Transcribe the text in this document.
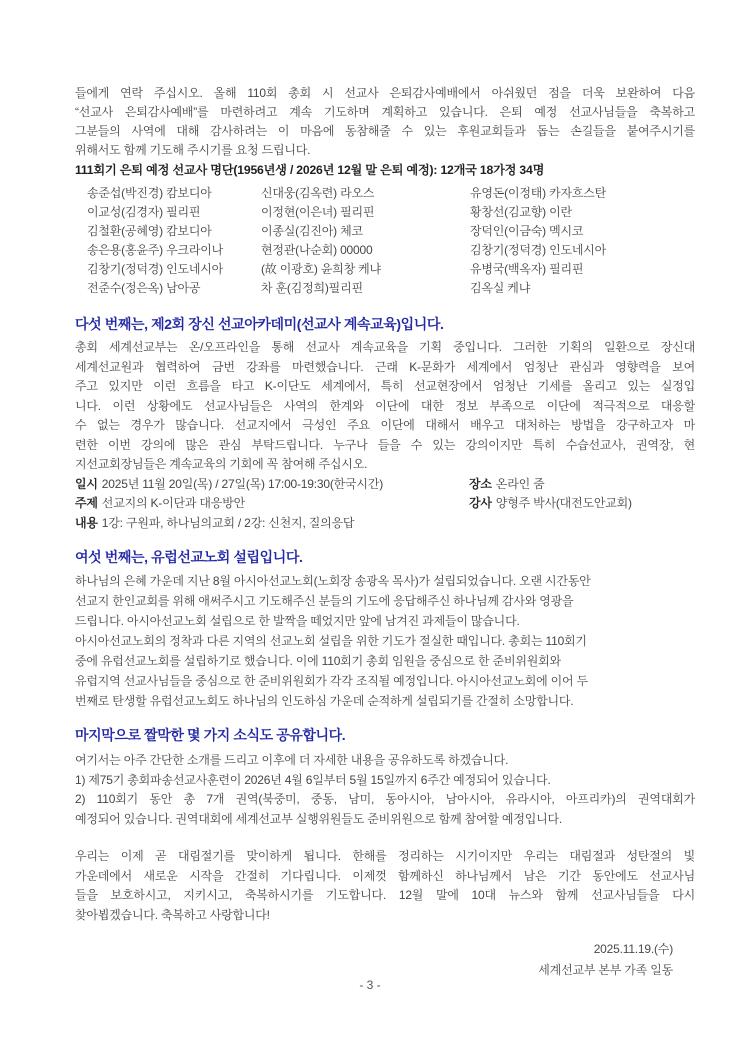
들에게 연락 주십시오. 올해 110회 총회 시 선교사 은퇴감사예배에서 아쉬웠던 점을 더욱 보완하여 다음
“선교사 은퇴감사예배”를 마련하려고 계속 기도하며 계획하고 있습니다. 은퇴 예정 선교사님들을 축복하고
그분들의 사역에 대해 감사하려는 이 마음에 동참해줄 수 있는 후원교회들과 돕는 손길들을 붙여주시기를
위해서도 함께 기도해 주시기를 요청 드립니다.
111회기 은퇴 예정 선교사 명단(1956년생 / 2026년 12월 말 은퇴 예정): 12개국 18가정 34명
송준섭(박진경) 캄보디아	신대웅(김옥련) 라오스	유영돈(이정태) 카자흐스탄
이교성(김경자) 필리핀	이정현(이은녀) 필리핀	황창선(김교향) 이란
김철환(공혜영) 캄보디아	이종실(김진아) 체코	장덕인(이금숙) 멕시코
송은용(홍윤주) 우크라이나	현정관(나순회) 00000	김창기(정덕경) 인도네시아
김창기(정덕경) 인도네시아	(故 이광호) 윤희창 케냐	유병국(백옥자) 필리핀
전준수(정은옥) 남아공	차 훈(김정희)필리핀	김옥실 케냐
다섯 번째는, 제2회 장신 선교아카데미(선교사 계속교육)입니다.
총회 세계선교부는 온/오프라인을 통해 선교사 계속교육을 기획 중입니다. 그러한 기획의 일환으로 장신대
세계선교원과 협력하여 금번 강좌를 마련했습니다. 근래 K-문화가 세계에서 엄청난 관심과 영향력을 보여
주고 있지만 이런 흐름을 타고 K-이단도 세계에서, 특히 선교현장에서 엄청난 기세를 올리고 있는 실정입
니다. 이런 상황에도 선교사님들은 사역의 한계와 이단에 대한 정보 부족으로 이단에 적극적으로 대응할
수 없는 경우가 많습니다. 선교지에서 극성인 주요 이단에 대해서 배우고 대처하는 방법을 강구하고자 마
련한 이번 강의에 많은 관심 부탁드립니다. 누구나 들을 수 있는 강의이지만 특히 수습선교사, 권역장, 현
지선교회장님들은 계속교육의 기회에 꼭 참여해 주십시오.
일시 2025년 11월 20일(목) / 27일(목) 17:00-19:30(한국시간)	장소 온라인 줌
주제 선교지의 K-이단과 대응방안	강사 양형주 박사(대전도안교회)
내용 1강: 구원파, 하나님의교회 / 2강: 신천지, 질의응답
여섯 번째는, 유럽선교노회 설립입니다.
하나님의 은혜 가운데 지난 8월 아시아선교노회(노회장 송광옥 목사)가 설립되었습니다. 오랜 시간동안
선교지 한인교회를 위해 애써주시고 기도해주신 분들의 기도에 응답해주신 하나님께 감사와 영광을
드립니다. 아시아선교노회 설립으로 한 발짝을 떼었지만 앞에 남겨진 과제들이 많습니다.
아시아선교노회의 정착과 다른 지역의 선교노회 설립을 위한 기도가 절실한 때입니다. 총회는 110회기
중에 유럽선교노회를 설립하기로 했습니다. 이에 110회기 총회 임원을 중심으로 한 준비위원회와
유럽지역 선교사님들을 중심으로 한 준비위원회가 각각 조직될 예정입니다. 아시아선교노회에 이어 두
번째로 탄생할 유럽선교노회도 하나님의 인도하심 가운데 순적하게 설립되기를 간절히 소망합니다.
마지막으로 짤막한 몇 가지 소식도 공유합니다.
여기서는 아주 간단한 소개를 드리고 이후에 더 자세한 내용을 공유하도록 하겠습니다.
1) 제75기 총회파송선교사훈련이 2026년 4월 6일부터 5월 15일까지 6주간 예정되어 있습니다.
2) 110회기 동안 총 7개 권역(북중미, 중동, 남미, 동아시아, 남아시아, 유라시아, 아프리카)의 권역대회가
예정되어 있습니다. 권역대회에 세계선교부 실행위원들도 준비위원으로 함께 참여할 예정입니다.
우리는 이제 곧 대림절기를 맞이하게 됩니다. 한해를 정리하는 시기이지만 우리는 대림절과 성탄절의 빛
가운데에서 새로운 시작을 간절히 기다립니다. 이제껏 함께하신 하나님께서 남은 기간 동안에도 선교사님
들을 보호하시고, 지키시고, 축복하시기를 기도합니다. 12월 말에 10대 뉴스와 함께 선교사님들을 다시
찾아뵙겠습니다. 축복하고 사랑합니다!
2025.11.19.(수)
세계선교부 본부 가족 일동
- 3 -
